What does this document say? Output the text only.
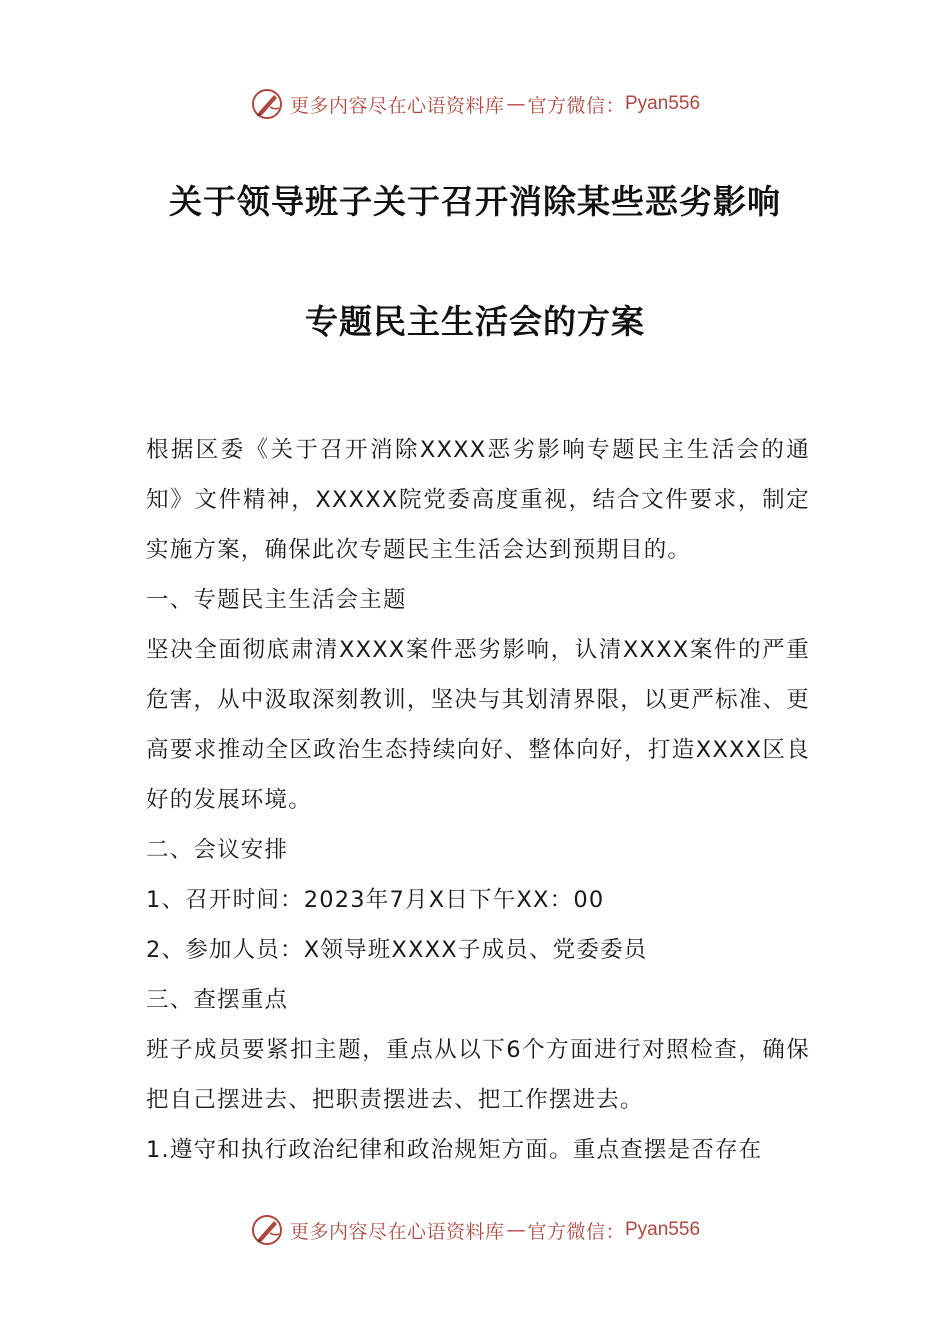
更多内容尽在心语资料库 — 官方微信： Pyan556
关于领导班子关于召开消除某些恶劣影响
专题民主生活会的方案

根据区委《关于召开消除XXXX恶劣影响专题民主生活会的通知》文件精神，XXXXX院党委高度重视，结合文件要求，制定实施方案，确保此次专题民主生活会达到预期目的。

一、专题民主生活会主题

坚决全面彻底肃清XXXX案件恶劣影响，认清XXXX案件的严重危害，从中汲取深刻教训，坚决与其划清界限，以更严标准、更高要求推动全区政治生态持续向好、整体向好，打造XXXX区良好的发展环境。

二、会议安排

1、召开时间：2023年7月X日下午XX：00

2、参加人员：X领导班XXXX子成员、党委委员

三、查摆重点

班子成员要紧扣主题，重点从以下6个方面进行对照检查，确保把自己摆进去、把职责摆进去、把工作摆进去。

1.遵守和执行政治纪律和政治规矩方面。重点查摆是否存在

更多内容尽在心语资料库 — 官方微信： Pyan556
